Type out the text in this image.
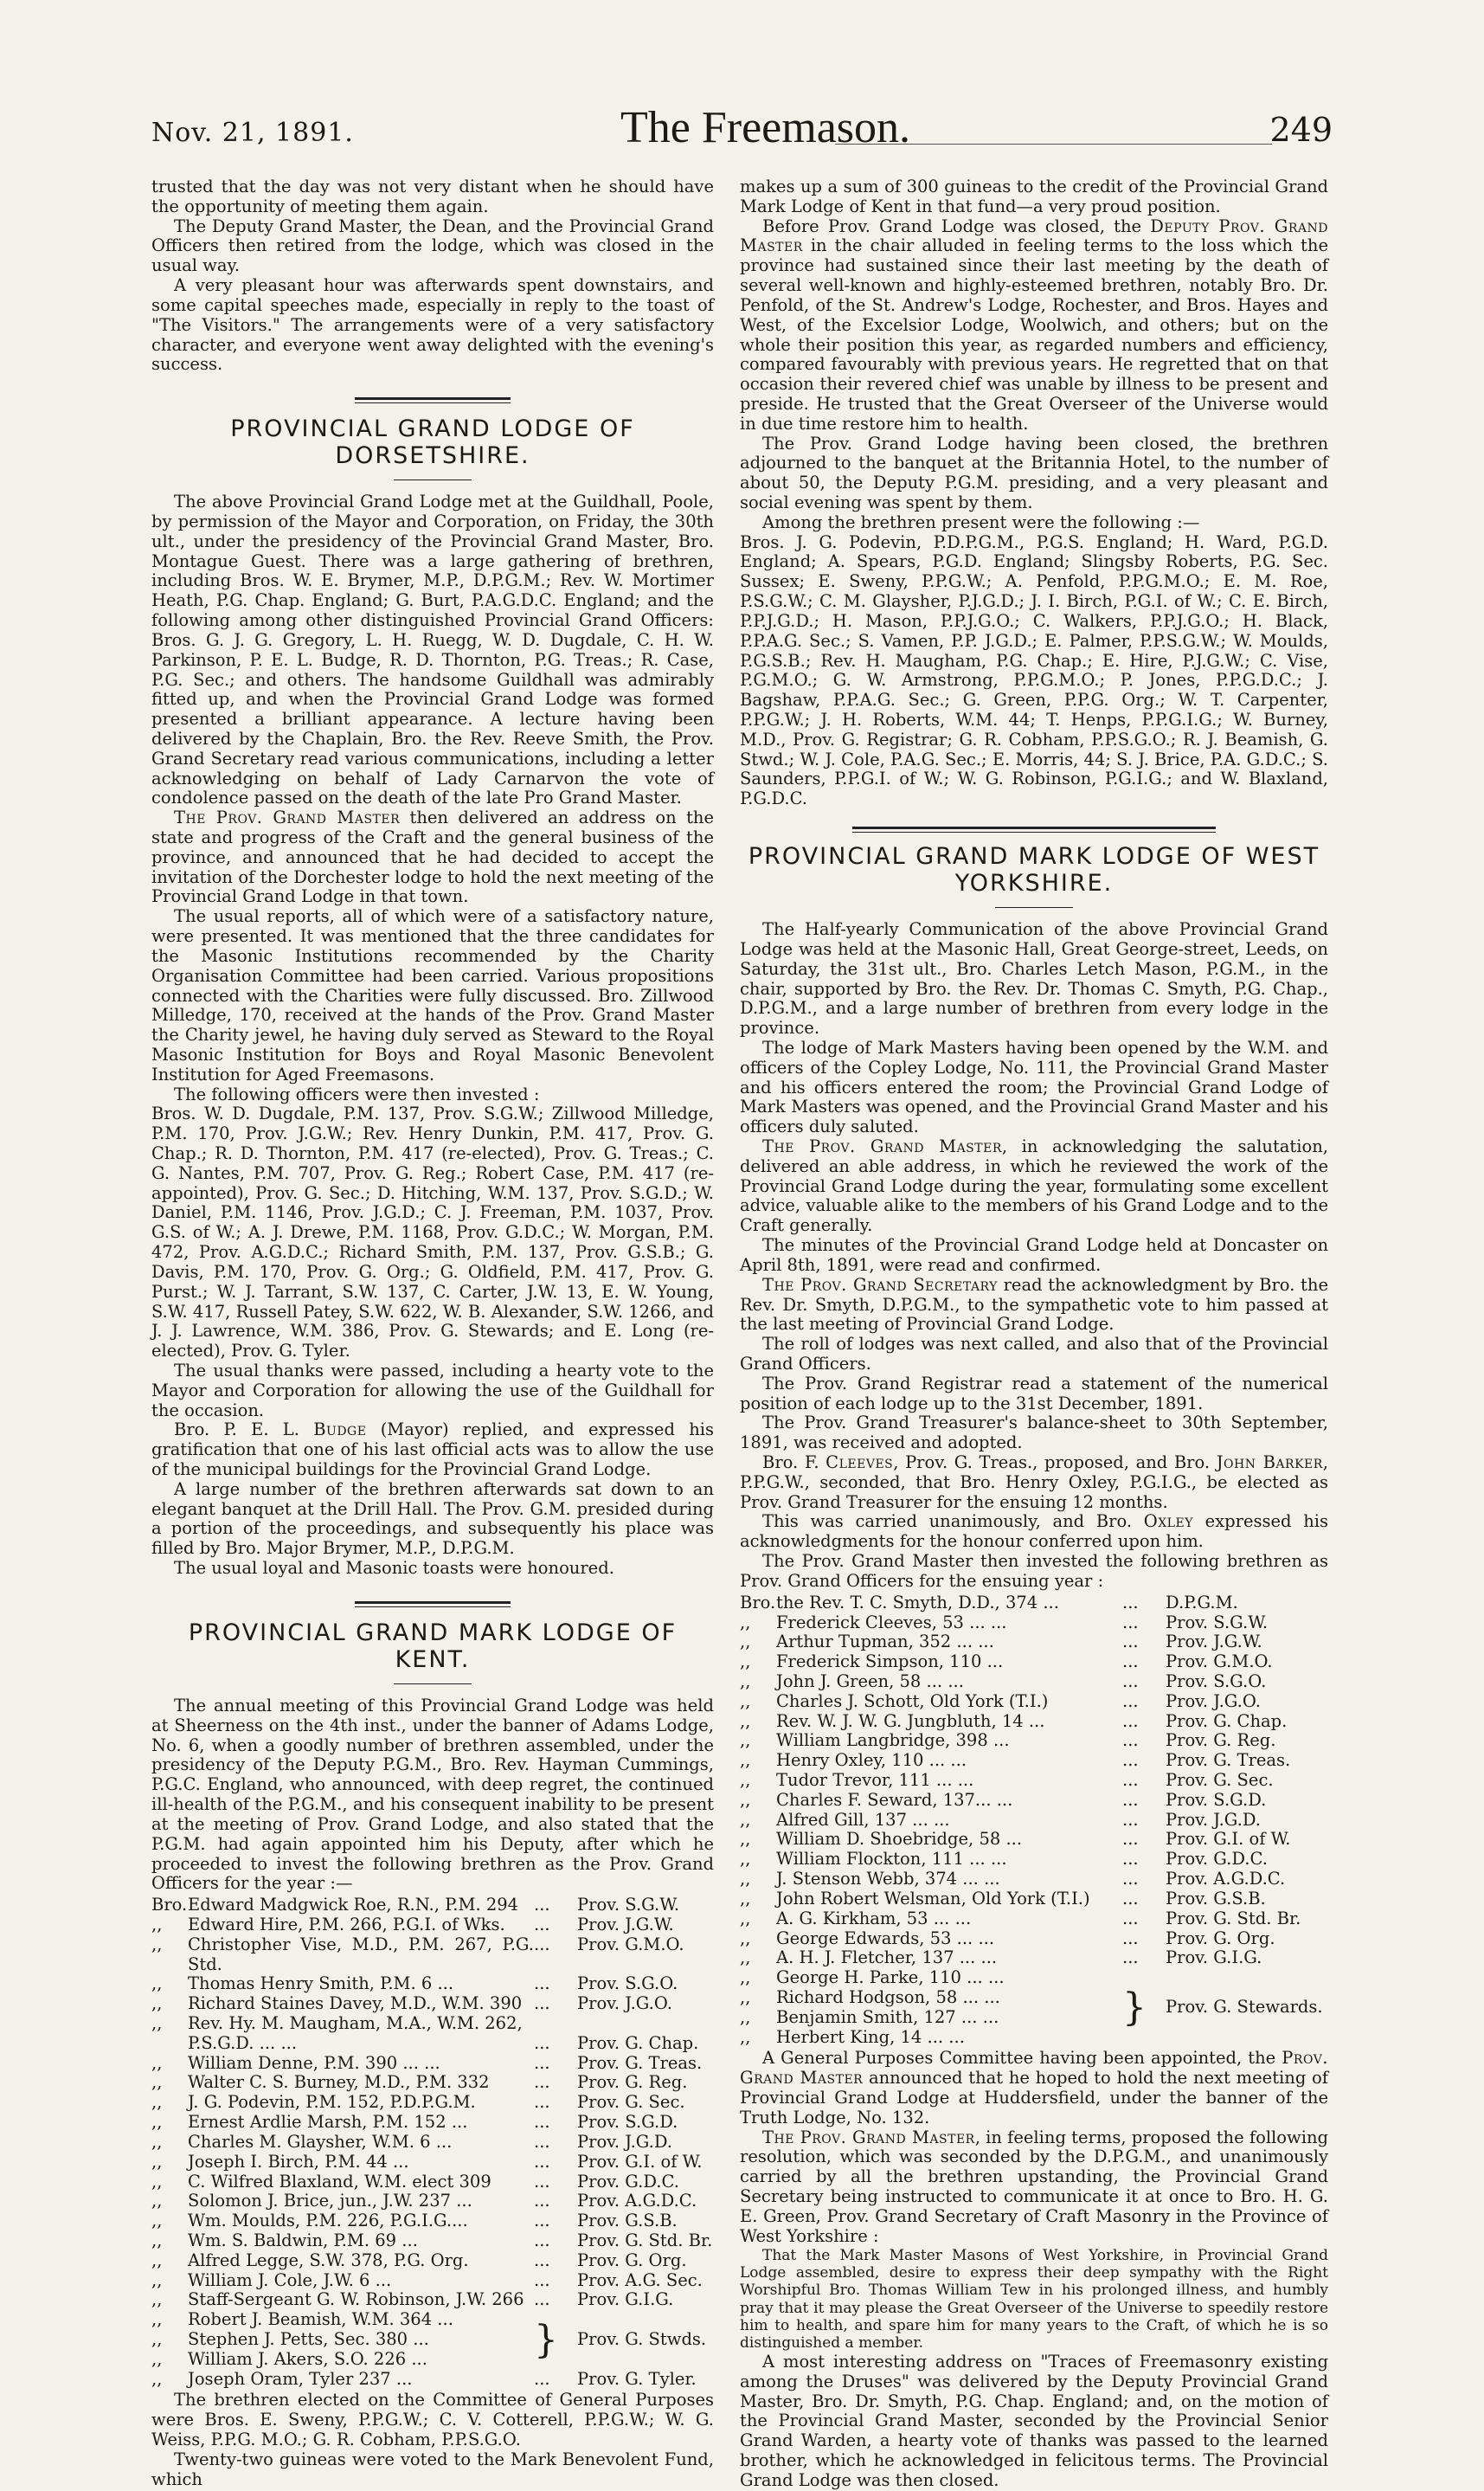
Nov. 21, 1891.	The Freemason.	249

trusted that the day was not very distant when he should have the opportunity of meeting them again.

The Deputy Grand Master, the Dean, and the Provincial Grand Officers then retired from the lodge, which was closed in the usual way.

A very pleasant hour was afterwards spent downstairs, and some capital speeches made, especially in reply to the toast of "The Visitors." The arrangements were of a very satisfactory character, and everyone went away delighted with the evening's success.

PROVINCIAL GRAND LODGE OF DORSETSHIRE.

The above Provincial Grand Lodge met at the Guildhall, Poole, by permission of the Mayor and Corporation, on Friday, the 30th ult., under the presidency of the Provincial Grand Master, Bro. Montague Guest. There was a large gathering of brethren, including Bros. W. E. Brymer, M.P., D.P.G.M.; Rev. W. Mortimer Heath, P.G. Chap. England; G. Burt, P.A.G.D.C. England; and the following among other distinguished Provincial Grand Officers: Bros. G. J. G. Gregory, L. H. Ruegg, W. D. Dugdale, C. H. W. Parkinson, P. E. L. Budge, R. D. Thornton, P.G. Treas.; R. Case, P.G. Sec.; and others. The handsome Guildhall was admirably fitted up, and when the Provincial Grand Lodge was formed presented a brilliant appearance. A lecture having been delivered by the Chaplain, Bro. the Rev. Reeve Smith, the Prov. Grand Secretary read various communications, including a letter acknowledging on behalf of Lady Carnarvon the vote of condolence passed on the death of the late Pro Grand Master.

The Prov. Grand Master then delivered an address on the state and progress of the Craft and the general business of the province, and announced that he had decided to accept the invitation of the Dorchester lodge to hold the next meeting of the Provincial Grand Lodge in that town.

The usual reports, all of which were of a satisfactory nature, were presented. It was mentioned that the three candidates for the Masonic Institutions recommended by the Charity Organisation Committee had been carried. Various propositions connected with the Charities were fully discussed. Bro. Zillwood Milledge, 170, received at the hands of the Prov. Grand Master the Charity jewel, he having duly served as Steward to the Royal Masonic Institution for Boys and Royal Masonic Benevolent Institution for Aged Freemasons.

The following officers were then invested :

Bros. W. D. Dugdale, P.M. 137, Prov. S.G.W.; Zillwood Milledge, P.M. 170, Prov. J.G.W.; Rev. Henry Dunkin, P.M. 417, Prov. G. Chap.; R. D. Thornton, P.M. 417 (re-elected), Prov. G. Treas.; C. G. Nantes, P.M. 707, Prov. G. Reg.; Robert Case, P.M. 417 (re-appointed), Prov. G. Sec.; D. Hitching, W.M. 137, Prov. S.G.D.; W. Daniel, P.M. 1146, Prov. J.G.D.; C. J. Freeman, P.M. 1037, Prov. G.S. of W.; A. J. Drewe, P.M. 1168, Prov. G.D.C.; W. Morgan, P.M. 472, Prov. A.G.D.C.; Richard Smith, P.M. 137, Prov. G.S.B.; G. Davis, P.M. 170, Prov. G. Org.; G. Oldfield, P.M. 417, Prov. G. Purst.; W. J. Tarrant, S.W. 137, C. Carter, J.W. 13, E. W. Young, S.W. 417, Russell Patey, S.W. 622, W. B. Alexander, S.W. 1266, and J. J. Lawrence, W.M. 386, Prov. G. Stewards; and E. Long (re-elected), Prov. G. Tyler.

The usual thanks were passed, including a hearty vote to the Mayor and Corporation for allowing the use of the Guildhall for the occasion.

Bro. P. E. L. Budge (Mayor) replied, and expressed his gratification that one of his last official acts was to allow the use of the municipal buildings for the Provincial Grand Lodge.

A large number of the brethren afterwards sat down to an elegant banquet at the Drill Hall. The Prov. G.M. presided during a portion of the proceedings, and subsequently his place was filled by Bro. Major Brymer, M.P., D.P.G.M.

The usual loyal and Masonic toasts were honoured.

PROVINCIAL GRAND MARK LODGE OF KENT.

The annual meeting of this Provincial Grand Lodge was held at Sheerness on the 4th inst., under the banner of Adams Lodge, No. 6, when a goodly number of brethren assembled, under the presidency of the Deputy P.G.M., Bro. Rev. Hayman Cummings, P.G.C. England, who announced, with deep regret, the continued ill-health of the P.G.M., and his consequent inability to be present at the meeting of Prov. Grand Lodge, and also stated that the P.G.M. had again appointed him his Deputy, after which he proceeded to invest the following brethren as the Prov. Grand Officers for the year :—

Bro.	Edward Madgwick Roe, R.N., P.M. 294	...	Prov. S.G.W.
,,	Edward Hire, P.M. 266, P.G.I. of Wks.	...	Prov. J.G.W.
,,	Christopher Vise, M.D., P.M. 267, P.G. Std.	...	Prov. G.M.O.
,,	Thomas Henry Smith, P.M. 6 ...	...	Prov. S.G.O.
,,	Richard Staines Davey, M.D., W.M. 390	...	Prov. J.G.O.
,,	Rev. Hy. M. Maugham, M.A., W.M. 262,		
	P.S.G.D. ... ...	...	Prov. G. Chap.
,,	William Denne, P.M. 390 ... ...	...	Prov. G. Treas.
,,	Walter C. S. Burney, M.D., P.M. 332	...	Prov. G. Reg.
,,	J. G. Podevin, P.M. 152, P.D.P.G.M.	...	Prov. G. Sec.
,,	Ernest Ardlie Marsh, P.M. 152 ...	...	Prov. S.G.D.
,,	Charles M. Glaysher, W.M. 6 ...	...	Prov. J.G.D.
,,	Joseph I. Birch, P.M. 44 ...	...	Prov. G.I. of W.
,,	C. Wilfred Blaxland, W.M. elect 309	...	Prov. G.D.C.
,,	Solomon J. Brice, jun., J.W. 237 ...	...	Prov. A.G.D.C.
,,	Wm. Moulds, P.M. 226, P.G.I.G....	...	Prov. G.S.B.
,,	Wm. S. Baldwin, P.M. 69 ...	...	Prov. G. Std. Br.
,,	Alfred Legge, S.W. 378, P.G. Org.	...	Prov. G. Org.
,,	William J. Cole, J.W. 6 ...	...	Prov. A.G. Sec.
,,	Staff-Sergeant G. W. Robinson, J.W. 266	...	Prov. G.I.G.
,,	Robert J. Beamish, W.M. 364 ...	}	Prov. G. Stwds.
,,	Stephen J. Petts, Sec. 380 ...		
,,	William J. Akers, S.O. 226 ...		
,,	Joseph Oram, Tyler 237 ...	...	Prov. G. Tyler.

The brethren elected on the Committee of General Purposes were Bros. E. Sweny, P.P.G.W.; C. V. Cotterell, P.P.G.W.; W. G. Weiss, P.P.G. M.O.; G. R. Cobham, P.P.S.G.O.

Twenty-two guineas were voted to the Mark Benevolent Fund, which

makes up a sum of 300 guineas to the credit of the Provincial Grand Mark Lodge of Kent in that fund—a very proud position.

Before Prov. Grand Lodge was closed, the Deputy Prov. Grand Master in the chair alluded in feeling terms to the loss which the province had sustained since their last meeting by the death of several well-known and highly-esteemed brethren, notably Bro. Dr. Penfold, of the St. Andrew's Lodge, Rochester, and Bros. Hayes and West, of the Excelsior Lodge, Woolwich, and others; but on the whole their position this year, as regarded numbers and efficiency, compared favourably with previous years. He regretted that on that occasion their revered chief was unable by illness to be present and preside. He trusted that the Great Overseer of the Universe would in due time restore him to health.

The Prov. Grand Lodge having been closed, the brethren adjourned to the banquet at the Britannia Hotel, to the number of about 50, the Deputy P.G.M. presiding, and a very pleasant and social evening was spent by them.

Among the brethren present were the following :—

Bros. J. G. Podevin, P.D.P.G.M., P.G.S. England; H. Ward, P.G.D. England; A. Spears, P.G.D. England; Slingsby Roberts, P.G. Sec. Sussex; E. Sweny, P.P.G.W.; A. Penfold, P.P.G.M.O.; E. M. Roe, P.S.G.W.; C. M. Glaysher, P.J.G.D.; J. I. Birch, P.G.I. of W.; C. E. Birch, P.P.J.G.D.; H. Mason, P.P.J.G.O.; C. Walkers, P.P.J.G.O.; H. Black, P.P.A.G. Sec.; S. Vamen, P.P. J.G.D.; E. Palmer, P.P.S.G.W.; W. Moulds, P.G.S.B.; Rev. H. Maugham, P.G. Chap.; E. Hire, P.J.G.W.; C. Vise, P.G.M.O.; G. W. Armstrong, P.P.G.M.O.; P. Jones, P.P.G.D.C.; J. Bagshaw, P.P.A.G. Sec.; G. Green, P.P.G. Org.; W. T. Carpenter, P.P.G.W.; J. H. Roberts, W.M. 44; T. Henps, P.P.G.I.G.; W. Burney, M.D., Prov. G. Registrar; G. R. Cobham, P.P.S.G.O.; R. J. Beamish, G. Stwd.; W. J. Cole, P.A.G. Sec.; E. Morris, 44; S. J. Brice, P.A. G.D.C.; S. Saunders, P.P.G.I. of W.; W. G. Robinson, P.G.I.G.; and W. Blaxland, P.G.D.C.

PROVINCIAL GRAND MARK LODGE OF WEST YORKSHIRE.

The Half-yearly Communication of the above Provincial Grand Lodge was held at the Masonic Hall, Great George-street, Leeds, on Saturday, the 31st ult., Bro. Charles Letch Mason, P.G.M., in the chair, supported by Bro. the Rev. Dr. Thomas C. Smyth, P.G. Chap., D.P.G.M., and a large number of brethren from every lodge in the province.

The lodge of Mark Masters having been opened by the W.M. and officers of the Copley Lodge, No. 111, the Provincial Grand Master and his officers entered the room; the Provincial Grand Lodge of Mark Masters was opened, and the Provincial Grand Master and his officers duly saluted.

The Prov. Grand Master, in acknowledging the salutation, delivered an able address, in which he reviewed the work of the Provincial Grand Lodge during the year, formulating some excellent advice, valuable alike to the members of his Grand Lodge and to the Craft generally.

The minutes of the Provincial Grand Lodge held at Doncaster on April 8th, 1891, were read and confirmed.

The Prov. Grand Secretary read the acknowledgment by Bro. the Rev. Dr. Smyth, D.P.G.M., to the sympathetic vote to him passed at the last meeting of Provincial Grand Lodge.

The roll of lodges was next called, and also that of the Provincial Grand Officers.

The Prov. Grand Registrar read a statement of the numerical position of each lodge up to the 31st December, 1891.

The Prov. Grand Treasurer's balance-sheet to 30th September, 1891, was received and adopted.

Bro. F. Cleeves, Prov. G. Treas., proposed, and Bro. John Barker, P.P.G.W., seconded, that Bro. Henry Oxley, P.G.I.G., be elected as Prov. Grand Treasurer for the ensuing 12 months.

This was carried unanimously, and Bro. Oxley expressed his acknowledgments for the honour conferred upon him.

The Prov. Grand Master then invested the following brethren as Prov. Grand Officers for the ensuing year :

Bro.	the Rev. T. C. Smyth, D.D., 374 ...	...	D.P.G.M.
,,	Frederick Cleeves, 53 ... ...	...	Prov. S.G.W.
,,	Arthur Tupman, 352 ... ...	...	Prov. J.G.W.
,,	Frederick Simpson, 110 ...	...	Prov. G.M.O.
,,	John J. Green, 58 ... ...	...	Prov. S.G.O.
,,	Charles J. Schott, Old York (T.I.)	...	Prov. J.G.O.
,,	Rev. W. J. W. G. Jungbluth, 14 ...	...	Prov. G. Chap.
,,	William Langbridge, 398 ...	...	Prov. G. Reg.
,,	Henry Oxley, 110 ... ...	...	Prov. G. Treas.
,,	Tudor Trevor, 111 ... ...	...	Prov. G. Sec.
,,	Charles F. Seward, 137... ...	...	Prov. S.G.D.
,,	Alfred Gill, 137 ... ...	...	Prov. J.G.D.
,,	William D. Shoebridge, 58 ...	...	Prov. G.I. of W.
,,	William Flockton, 111 ... ...	...	Prov. G.D.C.
,,	J. Stenson Webb, 374 ... ...	...	Prov. A.G.D.C.
,,	John Robert Welsman, Old York (T.I.)	...	Prov. G.S.B.
,,	A. G. Kirkham, 53 ... ...	...	Prov. G. Std. Br.
,,	George Edwards, 53 ... ...	...	Prov. G. Org.
,,	A. H. J. Fletcher, 137 ... ...	...	Prov. G.I.G.
,,	George H. Parke, 110 ... ...	}	Prov. G. Stewards.
,,	Richard Hodgson, 58 ... ...		
,,	Benjamin Smith, 127 ... ...		
,,	Herbert King, 14 ... ...		

A General Purposes Committee having been appointed, the Prov. Grand Master announced that he hoped to hold the next meeting of Provincial Grand Lodge at Huddersfield, under the banner of the Truth Lodge, No. 132.

The Prov. Grand Master, in feeling terms, proposed the following resolution, which was seconded by the D.P.G.M., and unanimously carried by all the brethren upstanding, the Provincial Grand Secretary being instructed to communicate it at once to Bro. H. G. E. Green, Prov. Grand Secretary of Craft Masonry in the Province of West Yorkshire :

That the Mark Master Masons of West Yorkshire, in Provincial Grand Lodge assembled, desire to express their deep sympathy with the Right Worshipful Bro. Thomas William Tew in his prolonged illness, and humbly pray that it may please the Great Overseer of the Universe to speedily restore him to health, and spare him for many years to the Craft, of which he is so distinguished a member.

A most interesting address on "Traces of Freemasonry existing among the Druses" was delivered by the Deputy Provincial Grand Master, Bro. Dr. Smyth, P.G. Chap. England; and, on the motion of the Provincial Grand Master, seconded by the Provincial Senior Grand Warden, a hearty vote of thanks was passed to the learned brother, which he acknowledged in felicitous terms. The Provincial Grand Lodge was then closed.
